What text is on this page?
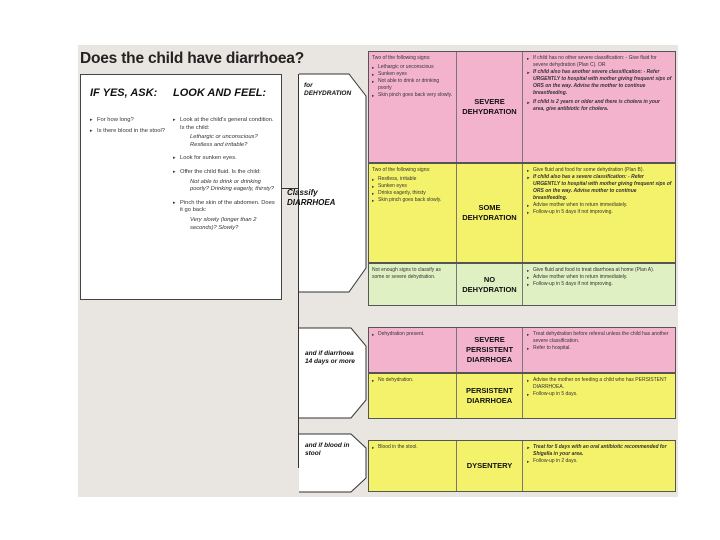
Does the child have diarrhoea?
IF YES, ASK: LOOK AND FEEL:
▸ For how long?
▸ Is there blood in the stool?
▸ Look at the child's general condition. Is the child:
Lethargic or unconscious? Restless and irritable?
▸ Look for sunken eyes.
▸ Offer the child fluid. Is the child:
Not able to drink or drinking poorly? Drinking eagerly, thirsty?
▸ Pinch the skin of the abdomen. Does it go back:
Very slowly (longer than 2 seconds)? Slowly?
for DEHYDRATION
Classify DIARRHOEA
and if diarrhoea 14 days or more
and if blood in stool
Two of the following signs:
▸ Lethargic or unconscious
▸ Sunken eyes
▸ Not able to drink or drinking poorly
▸ Skin pinch goes back very slowly.
SEVERE DEHYDRATION
▸ If child has no other severe classification: - Give fluid for severe dehydration (Plan C). OR
▸ If child also has another severe classification: - Refer URGENTLY to hospital with mother giving frequent sips of ORS on the way. Advise the mother to continue breastfeeding.
▸ If child is 2 years or older and there is cholera in your area, give antibiotic for cholera.
Two of the following signs:
▸ Restless, irritable
▸ Sunken eyes
▸ Drinks eagerly, thirsty
▸ Skin pinch goes back slowly.
SOME DEHYDRATION
▸ Give fluid and food for some dehydration (Plan B).
▸ If child also has a severe classification: - Refer URGENTLY to hospital with mother giving frequent sips of ORS on the way. Advise mother to continue breastfeeding.
▸ Advise mother when to return immediately.
▸ Follow-up in 5 days if not improving.
Not enough signs to classify as some or severe dehydration.	NO DEHYDRATION
▸ Give fluid and food to treat diarrhoea at home (Plan A).
▸ Advise mother when to return immediately.
▸ Follow-up in 5 days if not improving.
▸ Dehydration present.
SEVERE PERSISTENT DIARRHOEA
▸ Treat dehydration before referral unless the child has another severe classification.
▸ Refer to hospital.
▸ No dehydration.
PERSISTENT DIARRHOEA
▸ Advise the mother on feeding a child who has PERSISTENT DIARRHOEA.
▸ Follow-up in 5 days.
▸ Blood in the stool.
DYSENTERY
▸ Treat for 5 days with an oral antibiotic recommended for Shigella in your area.
▸ Follow-up in 2 days.
